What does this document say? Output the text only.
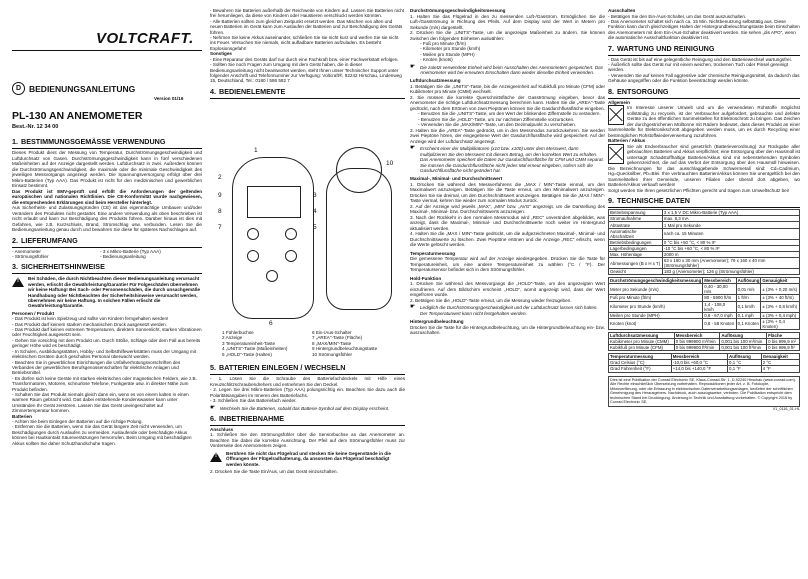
VOLTCRAFT.
D BEDIENUNGSANLEITUNG
Version 01/16
PL-130 AN ANEMOMETER
Best.-Nr. 12 34 00
1. BESTIMMUNGSGEMÄSSE VERWENDUNG
Dieses Produkt dient der Messung von Temperatur, Durchströmungsgeschwindigkeit und Luftdurchsatz von Gasen. Durchströmungsgeschwindigkeit kann in fünf verschiedenen Maßeinheiten auf der Anzeige dargestellt werden. Luftdurchsatz in zwei. Außerdem können die Durchströmungsgeschwindigkeit, die maximale oder die minimale Geschwindigkeit des jeweiligen Messvorgangs angezeigt werden. Die Spannungsversorgung erfolgt über drei Mikro-Batterien (Typ AAA). Das Produkt ist nicht für den medizinischen und gewerblichen Einsatz bestimmt.
Das Produkt ist EMV-geprüft und erfüllt die Anforderungen der geltenden europäischen und nationalen Richtlinien. Die CE-Konformität wurde nachgewiesen, die entsprechenden Erklärungen sind beim Hersteller hinterlegt.
Aus Sicherheits- und Zulassungsgründen (CE) ist das eigenmächtige Umbauen und/oder Verändern des Produktes nicht gestattet. Eine andere Verwendung als oben beschrieben ist nicht erlaubt und kann zur Beschädigung des Produkts führen. Darüber hinaus ist dies mit Gefahren, wie z.B. Kurzschluss, Brand, Stromschlag usw. verbunden. Lesen Sie die Bedienungsanleitung genau durch und bewahren Sie diese für späteres Nachschlagen auf.
2. LIEFERUMFANG
- Anemometer
- Strömungsfühler
- 3 x Mikro-Batterie (Typ AAA)
- Bedienungsanleitung
3. SICHERHEITSHINWEISE
! Bei Schäden, die durch Nichtbeachten dieser Bedienungsanleitung verursacht werden, erlischt die Gewährleistung/Garantie! Für Folgeschäden übernehmen wir keine Haftung! Bei Sach- oder Personenschäden, die durch unsachgemäße Handhabung oder Nichtbeachten der Sicherheitshinweise verursacht werden, übernehmen wir keine Haftung. In solchen Fällen erlischt die Gewährleistung/Garantie.
Personen / Produkt
- Das Produkt ist kein Spielzeug und sollte von Kindern ferngehalten werden!
- Das Produkt darf keinem starken mechanischen Druck ausgesetzt werden.
- Das Produkt darf keinen extremen Temperaturen, direktem Sonnenlicht, starken Vibrationen oder Feuchtigkeit ausgesetzt sein.
- Gehen Sie vorsichtig mit dem Produkt um. Durch Stöße, Schläge oder dem Fall aus bereits geringer Höhe wird es beschädigt.
- In Schulen, Ausbildungsstätten, Hobby- und Selbsthilfewerkstätten muss der Umgang mit elektrischen Geräten durch geschultes Personal überwacht werden.
- Beachten Sie in gewerblichen Einrichtungen die Unfallverhütungsvorschriften des Verbandes der gewerblichen Berufsgenossenschaften für elektrische Anlagen und Betriebsmittel.
- Es dürfen sich keine Geräte mit starken elektrischen oder magnetischen Feldern, wie z.B. Transformatoren, Motoren, schnurlose Telefone, Funkgeräte usw. in direkter Nähe zum Produkt befinden.
- Schalten Sie das Produkt niemals gleich dann ein, wenn es von einem kalten in einen warmen Raum gebracht wird. Das dabei entstehende Kondenswasser kann unter Umständen Ihr Gerät zerstören. Lassen Sie das Gerät uneingeschaltet auf Zimmertemperatur kommen.
Batterien
- Achten Sie beim Einlegen der Batterien auf die richtige Polung.
- Entfernen Sie die Batterien, wenn Sie das Gerät längere Zeit nicht verwenden, um Beschädigungen durch Auslaufen zu vermeiden. Auslaufende oder beschädigte Akkus können bei Hautkontakt Säureverätzungen hervorrufen. Beim Umgang mit beschädigten Akkus sollten Sie daher Schutzhandschuhe tragen.
- Bewahren Sie Batterien außerhalb der Reichweite von Kindern auf. Lassen Sie Batterien nicht frei herumliegen, da diese von Kindern oder Haustieren verschluckt werden könnten.
- Alle Batterien sollten zum gleichen Zeitpunkt ersetzt werden. Das Mischen von alten und neuen Batterien im Gerät kann zum Auslaufen der Batterien und zur Beschädigung des Geräts führen.
- Nehmen Sie keine Akkus auseinander, schließen Sie sie nicht kurz und werfen Sie sie nicht ins Feuer. Versuchen Sie niemals, nicht aufladbare Batterien aufzuladen. Es besteht Explosionsgefahr!
Sonstiges
- Eine Reparatur des Geräts darf nur durch eine Fachkraft bzw. einer Fachwerkstatt erfolgen.
- Sollten Sie noch Fragen zum Umgang mit dem Gerät haben, die in dieser Bedienungsanleitung nicht beantwortet werden, steht Ihnen unser Technischer Support unter folgender Anschrift und Telefonnummer zur Verfügung: Voltcraft®, 92242 Hirschau, Lindenweg 15, Deutschland, Tel.: 0180 / 586 582 7
4. BEDIENELEMENTE
1
2
3
4
5
6
7
8
9
10
1 Fühlerbuchse
2 Anzeige
3 Temperatureinheit-Taste
4 „UNITS"-Taste (Maßeinheiten)
5 „HOLD"-Taste (Halten)
6 Ein-/Aus-Schalter
7 „AREA"-Taste (Fläche)
8 „MAX/MIN"-Taste
9 Hintergrundbeleuchtungstaste
10 Strömungsfühler
5. BATTERIEN EINLEGEN / WECHSELN
- 1. Lösen Sie die Schraube des Batteriefachdeckels mit Hilfe eines Kreuzschlitzschraubendrehers und entnehmen Sie den Deckel.
- 2. Legen Sie drei Mikro-Batterien (Typ AAA) polungsrichtig ein. Beachten Sie dazu auch die Polaritätsangaben im Inneren des Batteriefachs.
- 3. Schließen Sie das Batteriefach wieder.
☛ Wechseln Sie die Batterien, sobald das Batterie-Symbol auf dem Display erscheint.
6. INBETRIEBNAHME
Anschluss
1. Schließen Sie den Strömungsfühler über die Sensorbuchse an das Anemometer an. Beachten Sie dabei die korrekte Ausrichtung. Der Pfeil auf dem Strömungsfühler muss zur Vorderseite des Anemometers zeigen.
! Berühren Sie nicht das Flügelrad und stecken Sie keine Gegenstände in die Öffnungen der Flügelradhalterung, da ansonsten das Flügelrad beschädigt werden könnte.
2. Drücken Sie die Taste Ein/Aus, um das Gerät einzuschalten.
Durchströmungsgeschwindigkeitsmessung
1. Halten Sie das Flügelrad in den zu messenden Luft-/Gasstrom. Ermöglichen Sie die Luft-/Gasströmung in Richtung des Pfeils. Auf dem Display wird der Wert in Metern pro Sekunde (m/s) dargestellt.
2. Drücken Sie die „UNITS"-Taste, um die angezeigte Maßeinheit zu ändern. Sie können zwischen den folgenden Einheiten auswählen:
- Fuß pro Minute (ft/m)
- Kilometer pro Stunde (km/h)
- Meilen pro Stunde (MPH)
- Knoten (knots)
☛ Die zuletzt verwendete Einheit wird beim Ausschalten des Anemometers gespeichert. Das Anemometer wird bei erneutem Einschalten dann wieder dieselbe Einheit verwenden.
Luftdurchsatzmessung
1. Betätigen Sie die „UNITS"-Taste, bis die Anzeigeeinheit auf Kubikfuß pro Minute (CFM) oder Kubikmeter pro Minute (CMM) wechselt.
2. Sie müssen die korrekte Querschnittsfläche der Gasströmung eingeben, bevor das Anemometer die richtige Luftdurchsatzmessung berechnen kann. Halten Sie die „AREA"-Taste gedrückt, nach dem Ertönen von zwei Pieptönen können Sie die Gasdurchflussfläche eingeben.
- Benutzen Sie die „UNITS"-Taste, um den Wert der blinkenden Ziffernstelle zu verändern.
- Benutzen Sie die „HOLD"-Taste, um zur nächsten Ziffernstelle vorzurücken.
- Verwenden Sie die „MAX/MIN"-Taste, um den Dezimalpunkt zu verschieben.
3. Halten Sie die „AREA"-Taste gedrückt, um in den Messmodus zurückzukehren. Sie werden zwei Pieptöne hören, der eingegebene Wert der Gasdurchflussfläche wird gespeichert. Auf der Anzeige wird der Luftdurchsatz angezeigt.
☛ Erscheint einer der Multiplikatoren (x10 bzw. x100) unter dem Messwert, dann multiplizieren Sie den Messwert mit diesem Betrag, um den korrekten Wert zu erhalten. Das Anemometer speichert die Daten zur Gasdurchflussfläche für CFM und CMM separat. Sie müssen die Gasdurchflussfläche nicht jedes Mal erneut eingeben, sofern sich die Gasdurchflussfläche nicht geändert hat.
Maximal-, Minimal- und Durchschnittswert
1. Drücken Sie während des Messverfahrens die „MAX / MIN"-Taste einmal, um den Maximalwert anzuzeigen. Betätigen Sie die Taste erneut, um den Minimalwert anzuzeigen. Drücken Sie sie dreimal, um den Durchschnittswert anzuzeigen. Betätigen Sie die „MAX / MIN"-Taste viermal, kehren Sie wieder zum normalen Modus zurück.
2. Auf der Anzeige wird jeweils „MAX", „MIN" bzw. „AVG" angezeigt, um die Darstellung des Maximal-, Minimal- bzw. Durchschnittswerts anzuzeigen.
3. Nach der Rückkehr in den normalen Messmodus wird „REC" unverändert abgebildet, was anzeigt, dass die Maximal-, Minimal- und Durchschnittswerte noch weiter im Hintergrund aktualisiert werden.
4. Halten Sie die „MAX / MIN"-Taste gedrückt, um die aufgezeichneten Maximal-, Minimal- und Durchschnittswerte zu löschen. Zwei Pieptöne ertönen und die Anzeige „REC" erlischt, wenn die Werte gelöscht werden.
Temperaturmessung
Die gemessene Temperatur wird auf der Anzeige wiedergegeben. Drücken Sie die Taste für Temperatureinheit, um eine andere Temperatureinheit zu wählen (°C / °F). Der Temperatursensor befindet sich in dem Strömungsfühler.
Hold-Funktion
1. Drücken Sie während des Messvorgangs die „HOLD"-Taste, um den angezeigten Wert einzufrieren. Auf dem Bildschirm erscheint „HOLD", womit angezeigt wird, dass der Wert eingefroren wurde.
2. Betätigen Sie die „HOLD"-Taste erneut, um die Messung wieder freizugeben.
☛ Lediglich die Durchströmungsgeschwindigkeit und der Luftdurchsatz lassen sich halten. Der Temperaturwert kann nicht festgehalten werden.
Hintergrundbeleuchtung
Drücken Sie die Taste für die Hintergrundbeleuchtung, um die Hintergrundbeleuchtung ein- bzw. auszuschalten.
Ausschalten
- Betätigen Sie den Ein-/Aus-Schalter, um das Gerät auszuschalten.
- Das Anemometer schaltet sich nach ca. 15 Min. Nichtbenutzung selbsttätig aus. Diese Funktion kann durch gleichzeitiges Halten der Hintergrundbeleuchtungstaste beim Einschalten des Anemometers mit dem Ein-/Aus-Schalter deaktiviert werden. Sie sehen „dis APO", wenn die automatische Ausschaltfunktion deaktiviert ist.
7. WARTUNG UND REINIGUNG
- Das Gerät ist bis auf eine gelegentliche Reinigung und den Batteriewechsel wartungsfrei.
- Äußerlich sollte das Gerät nur mit einem weichen, trockenen Tuch oder Pinsel gereinigt werden.
- Verwenden Sie auf keinen Fall aggressive oder chemische Reinigungsmittel, da dadurch das Gehäuse angegriffen oder die Funktion beeinträchtigt werden könnte.
8. ENTSORGUNG
Allgemein
Im Interesse unserer Umwelt und um die verwendeten Rohstoffe möglichst vollständig zu recyceln, ist der Verbraucher aufgefordert, gebrauchte und defekte Geräte zu den öffentlichen Sammelstellen für Elektroschrott zu bringen. Das Zeichen der durchgestrichenen Mülltonne mit Rädern bedeutet, dass dieses Produkt an einer Sammelstelle für Elektronikschrott abgegeben werden muss, um es durch Recycling einer bestmöglichen Rohstoffwiederverwertung zuzuführen.
Batterien / Akkus
Sie als Endverbraucher sind gesetzlich (Batterieverordnung) zur Rückgabe aller gebrauchten Batterien und Akkus verpflichtet; eine Entsorgung über den Hausmüll ist untersagt! Schadstoffhaltige Batterien/Akkus sind mit nebenstehenden Symbolen gekennzeichnet, die auf das Verbot der Entsorgung über den Hausmüll hinweisen. Die Bezeichnungen für das ausschlaggebende Schwermetall sind: Cd=Cadmium, Hg=Quecksilber, Pb=Blei. Ihre verbrauchten Batterien/Akkus können Sie unentgeltlich bei den Sammelstellen Ihrer Gemeinde, unseren Filialen oder überall dort abgeben, wo Batterien/Akkus verkauft werden!
Sorgt werden Sie Ihren gesetzlichen Pflichten gerecht und tragen zum Umweltschutz bei!
9. TECHNISCHE DATEN
Betriebsspannung	3 x 1,5 V DC Mikro-Batterie (Typ AAA)
Stromaufnahme	max. 8,3 mA
Abtastrate	1 Mal pro Sekunde
Automatische Abschaltzeit	nach ca. 15 Minuten
Betriebsbedingungen	0 °C bis +50 °C, < 80 % rF
Lagerbedingungen	-10 °C bis +60 °C, < 80 % rF
Max. Höhenlage	2000 m
Abmessungen (B x H x T)	63 x 160 x 30 mm (Anemometer); 76 x 160 x 40 mm (Strömungsfühler)
Gewicht	183 g (Anemometer); 126 g (Strömungsfühler)
Durchströmungsgeschwindigkeitsmessung	Messbereich	Auflösung	Genauigkeit
Meter pro Sekunde (m/s)	0,40 - 30,00 m/s	0,01 m/s	± (3% + 0,20 m/s)
Fuß pro Minute (ft/m)	80 - 5900 ft/m	1 ft/m	± (3% + 40 ft/m)
Kilometer pro Stunde (km/h)	1,4 - 108,0 km/h	0,1 km/h	± (3% + 0,8 km/h)
Meilen pro Stunde (MPH)	0,9 - 67,0 mph	0,1 mph	± (3% + 0,4 mph)
Knoten (knot)	0,8 - 58 Knoten	0,1 Knoten	± (3% + 0,4 Knoten)
Luftdurchsatzmessung	Messbereich	Auflösung	Fläche
Kubikmeter pro Minute (CMM)	0 bis 999900 m³/min	0,001 bis 100 m³/min	0 bis 999,9 m²
Kubikfuß pro Minute (CFM)	0 bis 999900 ft³/min	0,001 bis 100 ft³/min	0 bis 999,9 ft²
Temperaturmessung	Messbereich	Auflösung	Genauigkeit
Grad Celsius (°C)	-10,0 bis +60,0 °C	0,1 °C	2 °C
Grad Fahrenheit (°F)	+14,0 bis +140,0 °F	0,1 °F	4 °F
Dies ist eine Publikation der Conrad Electronic SE, Klaus-Conrad-Str. 1, D-92240 Hirschau (www.conrad.com). Alle Rechte einschließlich Übersetzung vorbehalten. Reproduktionen jeder Art, z. B. Fotokopie, Mikroverfilmung, oder die Erfassung in elektronischen Datenverarbeitungsanlagen, bedürfen der schriftlichen Genehmigung des Herausgebers. Nachdruck, auch auszugsweise, verboten. Die Publikation entspricht dem technischen Stand bei Drucklegung. Änderung in Technik und Ausstattung vorbehalten. © Copyright 2016 by Conrad Electronic SE.
V1_0116_01-HL
